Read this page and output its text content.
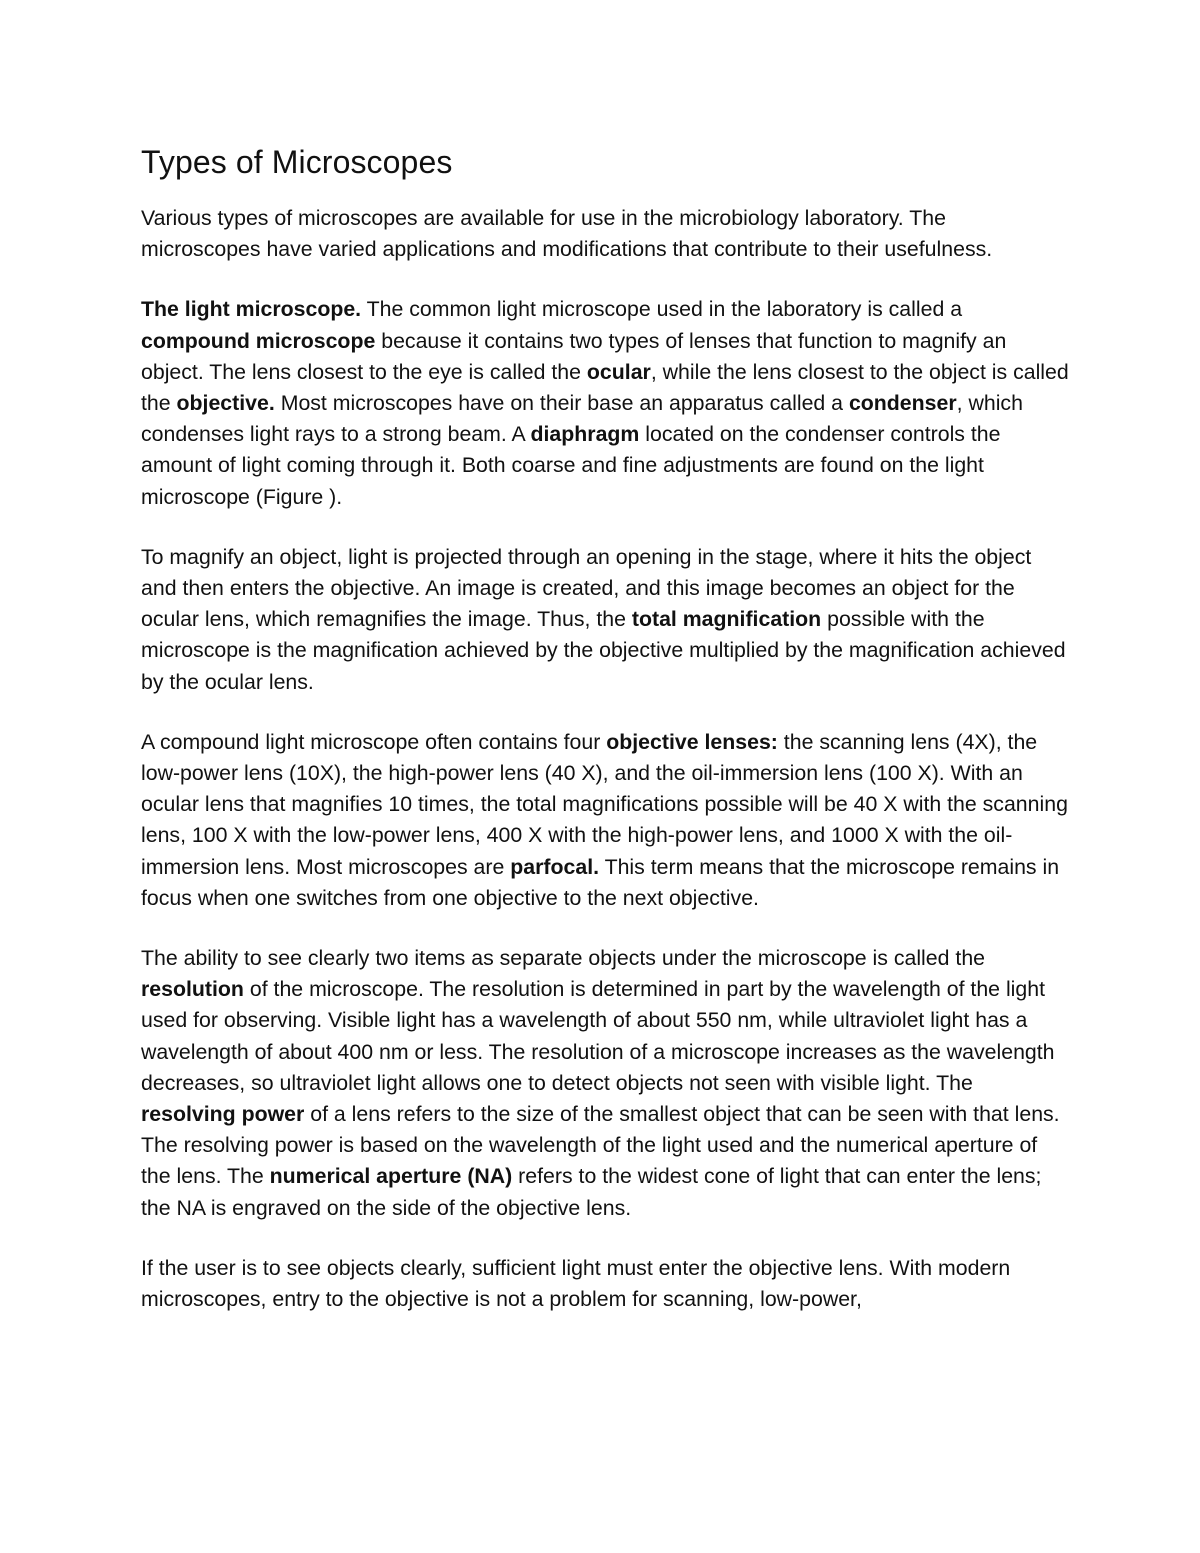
Types of Microscopes

Various types of microscopes are available for use in the microbiology laboratory. The microscopes have varied applications and modifications that contribute to their usefulness.

The light microscope. The common light microscope used in the laboratory is called a compound microscope because it contains two types of lenses that function to magnify an object. The lens closest to the eye is called the ocular, while the lens closest to the object is called the objective. Most microscopes have on their base an apparatus called a condenser, which condenses light rays to a strong beam. A diaphragm located on the condenser controls the amount of light coming through it. Both coarse and fine adjustments are found on the light microscope (Figure ).

To magnify an object, light is projected through an opening in the stage, where it hits the object and then enters the objective. An image is created, and this image becomes an object for the ocular lens, which remagnifies the image. Thus, the total magnification possible with the microscope is the magnification achieved by the objective multiplied by the magnification achieved by the ocular lens.

A compound light microscope often contains four objective lenses: the scanning lens (4X), the low-power lens (10X), the high-power lens (40 X), and the oil-immersion lens (100 X). With an ocular lens that magnifies 10 times, the total magnifications possible will be 40 X with the scanning lens, 100 X with the low-power lens, 400 X with the high-power lens, and 1000 X with the oil-immersion lens. Most microscopes are parfocal. This term means that the microscope remains in focus when one switches from one objective to the next objective.

The ability to see clearly two items as separate objects under the microscope is called the resolution of the microscope. The resolution is determined in part by the wavelength of the light used for observing. Visible light has a wavelength of about 550 nm, while ultraviolet light has a wavelength of about 400 nm or less. The resolution of a microscope increases as the wavelength decreases, so ultraviolet light allows one to detect objects not seen with visible light. The resolving power of a lens refers to the size of the smallest object that can be seen with that lens. The resolving power is based on the wavelength of the light used and the numerical aperture of the lens. The numerical aperture (NA) refers to the widest cone of light that can enter the lens; the NA is engraved on the side of the objective lens.

If the user is to see objects clearly, sufficient light must enter the objective lens. With modern microscopes, entry to the objective is not a problem for scanning, low-power,
